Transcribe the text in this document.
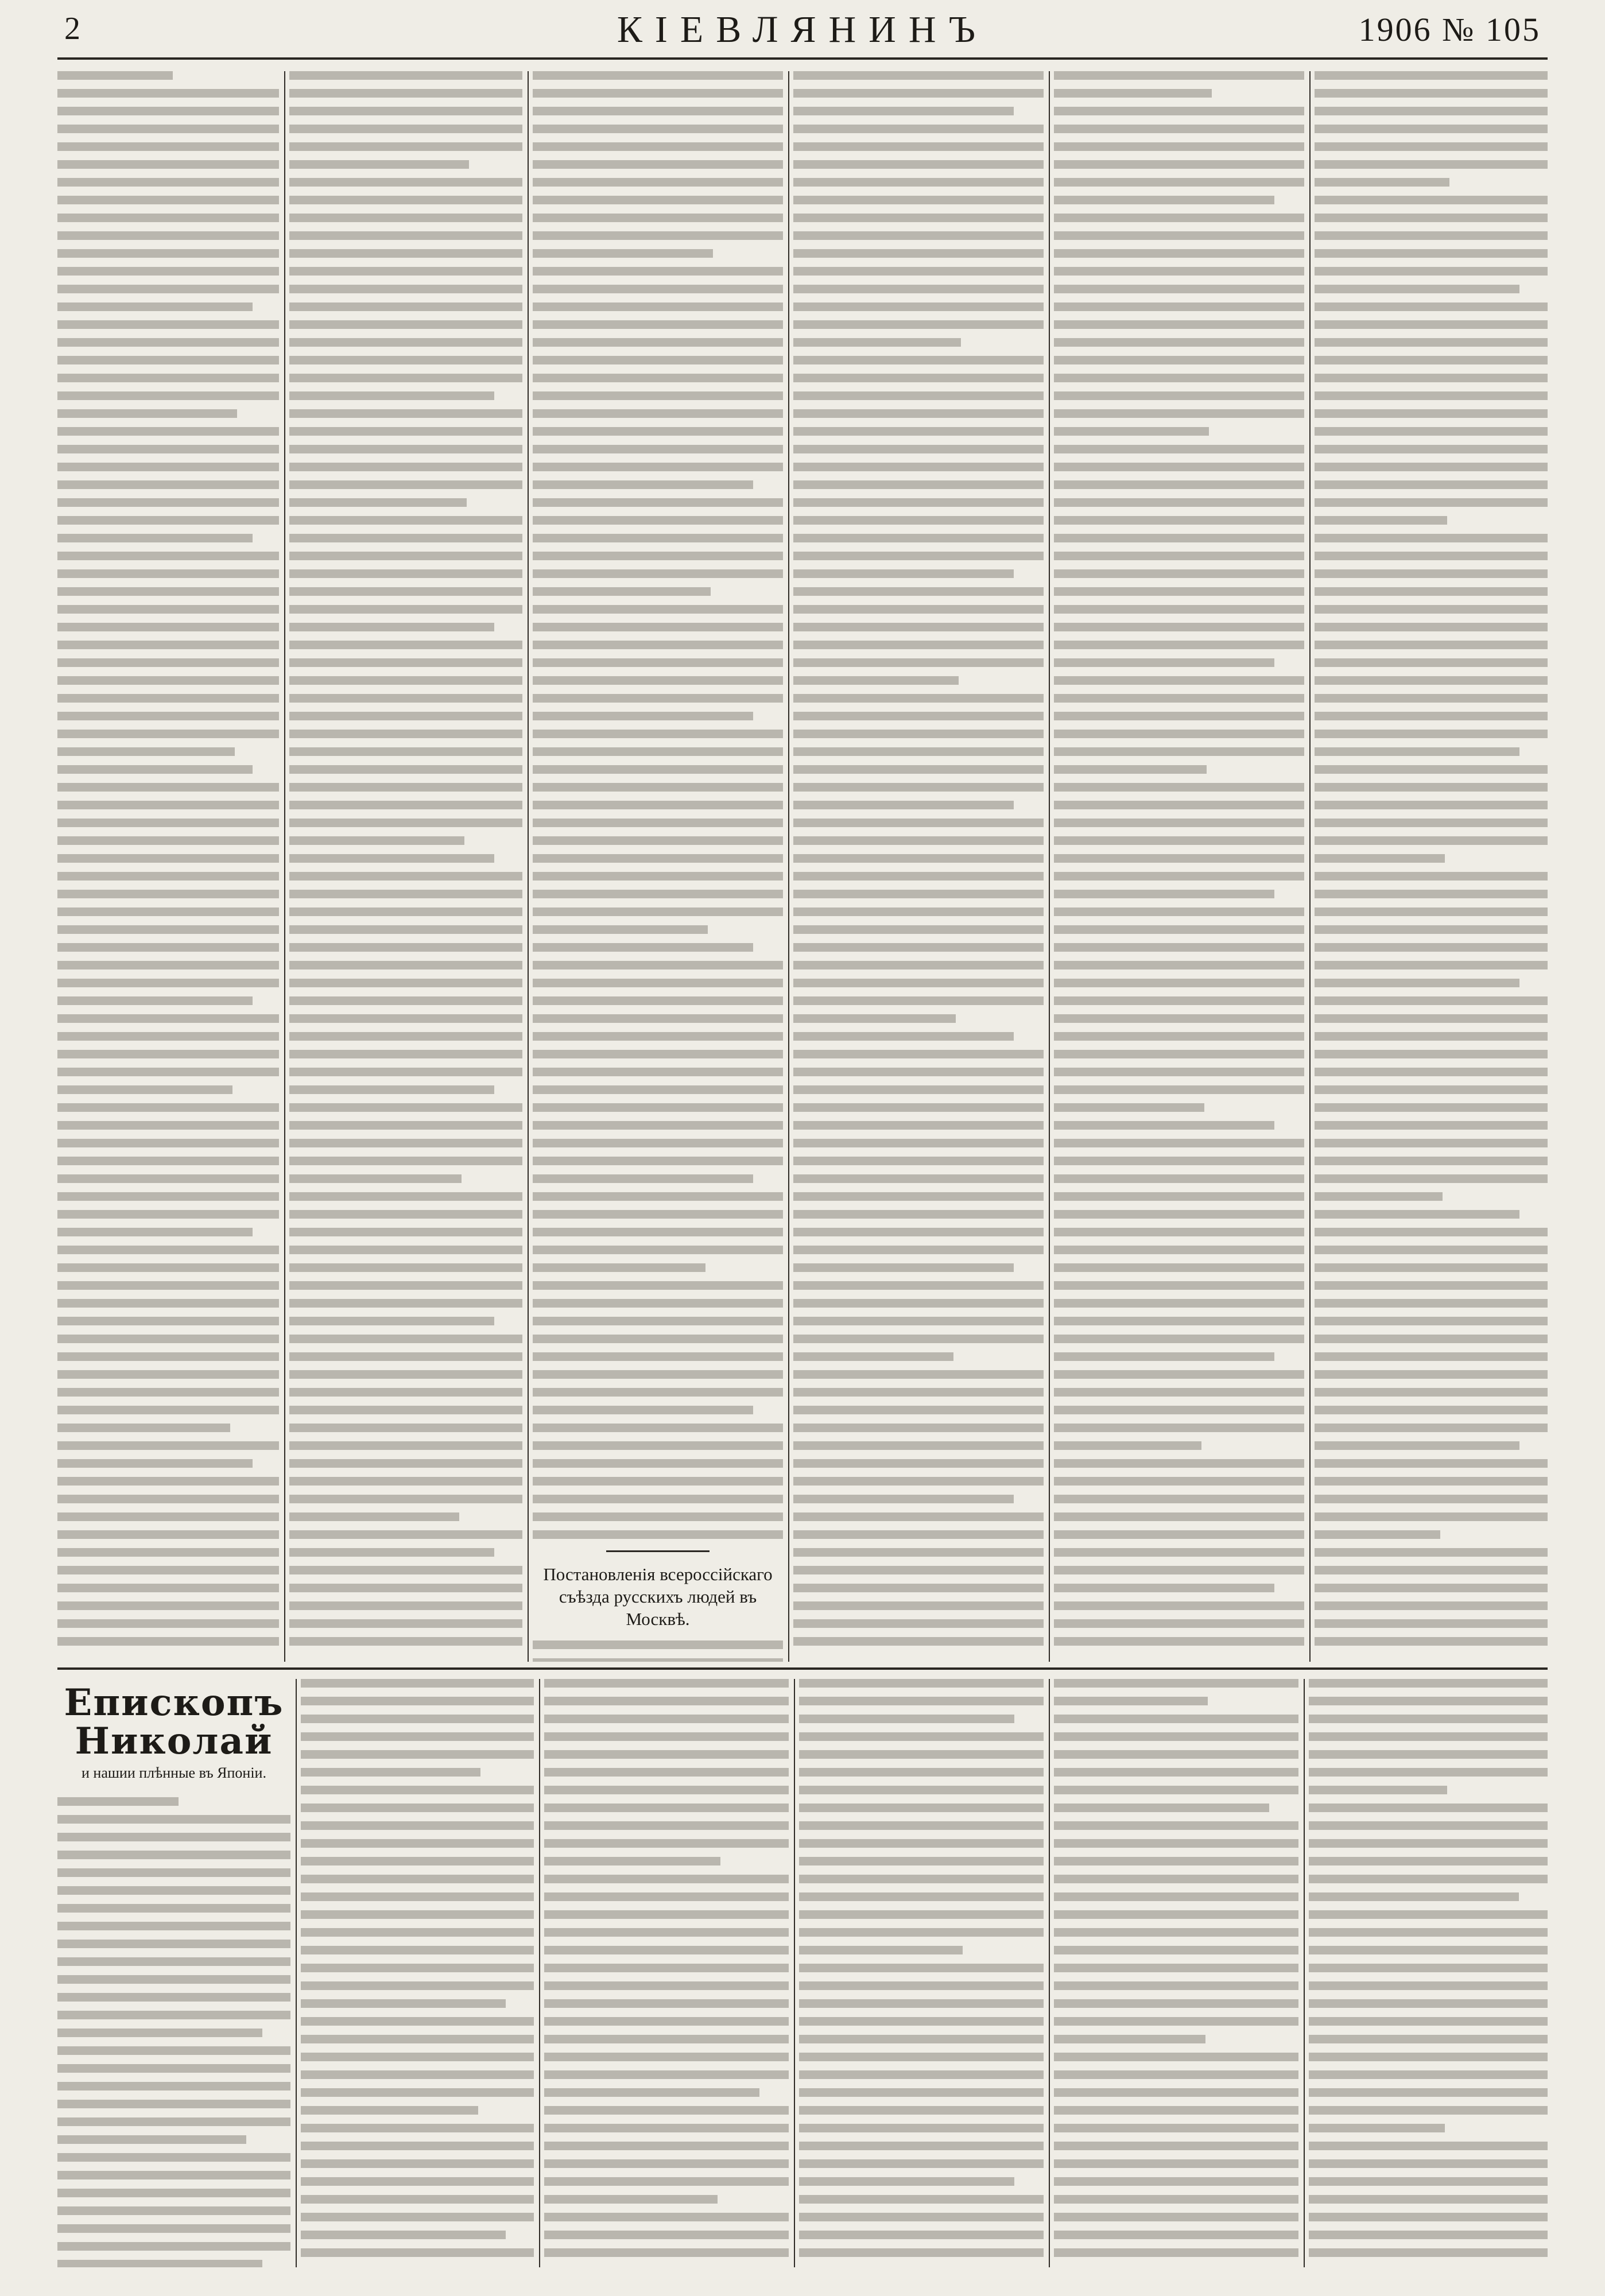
2	КІЕВЛЯНИНЪ	1906 № 105
Постановленія всероссійскаго съѣзда русскихъ людей въ Москвѣ.
Епископъ Николай
и нашии плѣнные въ Японіи.
